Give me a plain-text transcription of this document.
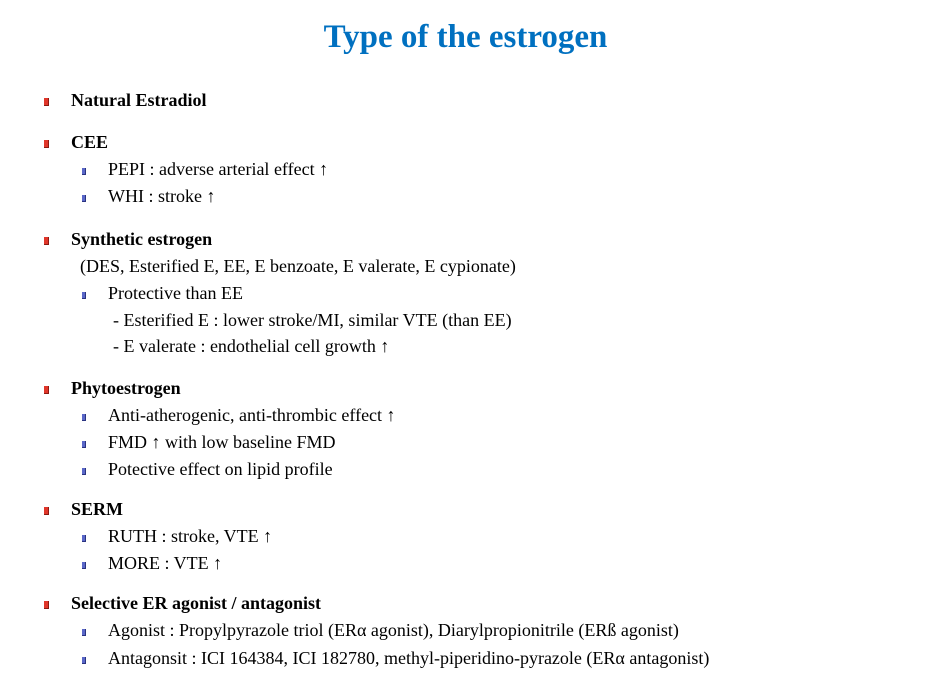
Type of the estrogen
Natural Estradiol
CEE
PEPI : adverse arterial effect ↑
WHI : stroke ↑
Synthetic estrogen
(DES, Esterified E, EE, E benzoate, E valerate, E cypionate)
Protective than EE
- Esterified E : lower stroke/MI, similar VTE (than EE)
- E valerate : endothelial cell growth ↑
Phytoestrogen
Anti-atherogenic, anti-thrombic effect ↑
FMD ↑ with low baseline FMD
Potective effect on lipid profile
SERM
RUTH : stroke, VTE ↑
MORE : VTE ↑
Selective ER agonist / antagonist
Agonist : Propylpyrazole triol (ERα agonist), Diarylpropionitrile (ERß agonist)
Antagonsit : ICI 164384, ICI 182780, methyl-piperidino-pyrazole (ERα antagonist)
